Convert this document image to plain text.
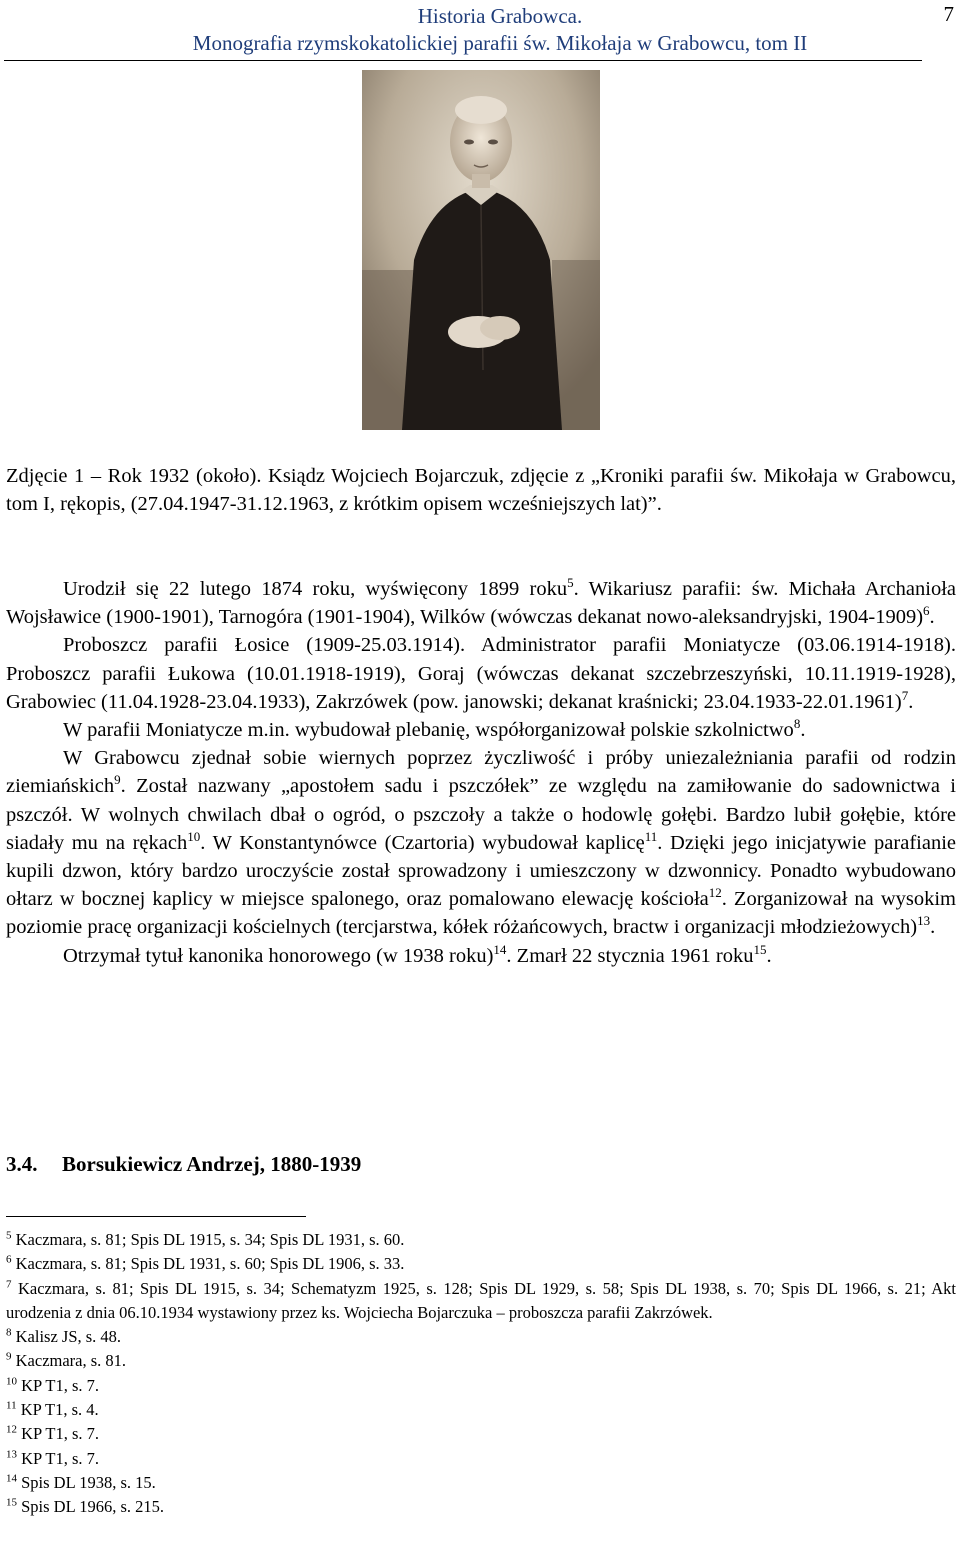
Historia Grabowca.
Monografia rzymskokatolickiej parafii św. Mikołaja w Grabowcu, tom II
7
Zdjęcie 1 – Rok 1932 (około). Ksiądz Wojciech Bojarczuk, zdjęcie z „Kroniki parafii św. Mikołaja w Grabowcu, tom I, rękopis, (27.04.1947-31.12.1963, z krótkim opisem wcześniejszych lat)”.

Urodził się 22 lutego 1874 roku, wyświęcony 1899 roku$^5$. Wikariusz parafii: św. Michała Archanioła Wojsławice (1900-1901), Tarnogóra (1901-1904), Wilków (wówczas dekanat nowo-aleksandryjski, 1904-1909)$^6$.

Proboszcz parafii Łosice (1909-25.03.1914). Administrator parafii Moniatycze (03.06.1914-1918). Proboszcz parafii Łukowa (10.01.1918-1919), Goraj (wówczas dekanat szczebrzeszyński, 10.11.1919-1928), Grabowiec (11.04.1928-23.04.1933), Zakrzówek (pow. janowski; dekanat kraśnicki; 23.04.1933-22.01.1961)$^7$.

W parafii Moniatycze m.in. wybudował plebanię, współorganizował polskie szkolnictwo$^8$.

W Grabowcu zjednał sobie wiernych poprzez życzliwość i próby uniezależniania parafii od rodzin ziemiańskich$^9$. Został nazwany „apostołem sadu i pszczółek” ze względu na zamiłowanie do sadownictwa i pszczół. W wolnych chwilach dbał o ogród, o pszczoły a także o hodowlę gołębi. Bardzo lubił gołębie, które siadały mu na rękach$^{10}$. W Konstantynówce (Czartoria) wybudował kaplicę$^{11}$. Dzięki jego inicjatywie parafianie kupili dzwon, który bardzo uroczyście został sprowadzony i umieszczony w dzwonnicy. Ponadto wybudowano ołtarz w bocznej kaplicy w miejsce spalonego, oraz pomalowano elewację kościoła$^{12}$. Zorganizował na wysokim poziomie pracę organizacji kościelnych (tercjarstwa, kółek różańcowych, bractw i organizacji młodzieżowych)$^{13}$.

Otrzymał tytuł kanonika honorowego (w 1938 roku)$^{14}$. Zmarł 22 stycznia 1961 roku$^{15}$.

3.4. Borsukiewicz Andrzej, 1880-1939
$^5$ Kaczmara, s. 81; Spis DL 1915, s. 34; Spis DL 1931, s. 60.
$^6$ Kaczmara, s. 81; Spis DL 1931, s. 60; Spis DL 1906, s. 33.
$^7$ Kaczmara, s. 81; Spis DL 1915, s. 34; Schematyzm 1925, s. 128; Spis DL 1929, s. 58; Spis DL 1938, s. 70; Spis DL 1966, s. 21; Akt urodzenia z dnia 06.10.1934 wystawiony przez ks. Wojciecha Bojarczuka – proboszcza parafii Zakrzówek.
$^8$ Kalisz JS, s. 48.
$^9$ Kaczmara, s. 81.
$^{10}$ KP T1, s. 7.
$^{11}$ KP T1, s. 4.
$^{12}$ KP T1, s. 7.
$^{13}$ KP T1, s. 7.
$^{14}$ Spis DL 1938, s. 15.
$^{15}$ Spis DL 1966, s. 215.
